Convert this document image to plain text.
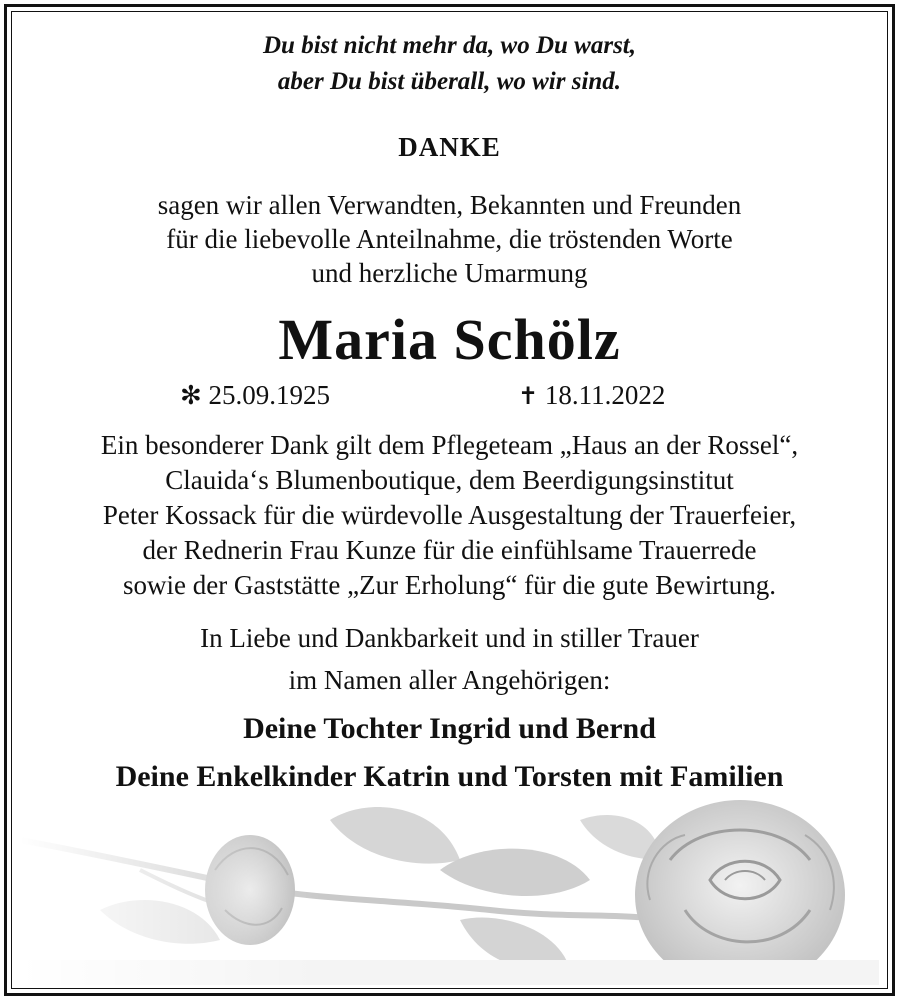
Du bist nicht mehr da, wo Du warst,
aber Du bist überall, wo wir sind.
DANKE
sagen wir allen Verwandten, Bekannten und Freunden
für die liebevolle Anteilnahme, die tröstenden Worte
und herzliche Umarmung
Maria Schölz
✻ 25.09.1925	✝ 18.11.2022
Ein besonderer Dank gilt dem Pflegeteam „Haus an der Rossel“,
Clauida‘s Blumenboutique, dem Beerdigungsinstitut
Peter Kossack für die würdevolle Ausgestaltung der Trauerfeier,
der Rednerin Frau Kunze für die einfühlsame Trauerrede
sowie der Gaststätte „Zur Erholung“ für die gute Bewirtung.
In Liebe und Dankbarkeit und in stiller Trauer
im Namen aller Angehörigen:
Deine Tochter Ingrid und Bernd
Deine Enkelkinder Katrin und Torsten mit Familien
